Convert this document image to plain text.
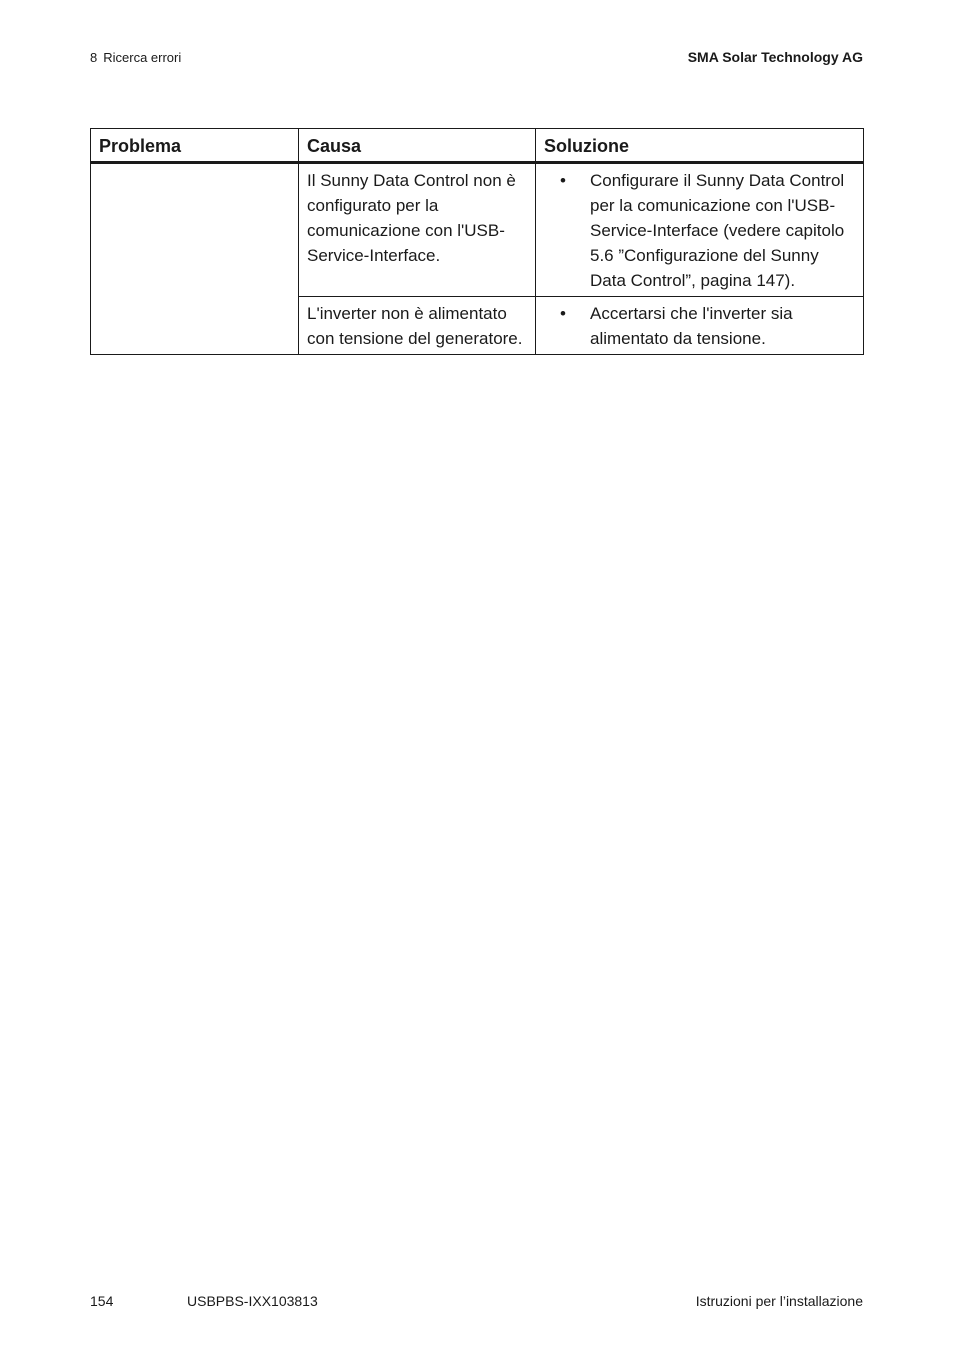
8 Ricerca errori	SMA Solar Technology AG
Problema	Causa	Soluzione
	Il Sunny Data Control non è configurato per la comunicazione con l'USB-Service-Interface.	• Configurare il Sunny Data Control per la comunicazione con l'USB-Service-Interface (vedere capitolo 5.6 ”Configurazione del Sunny Data Control”, pagina 147).

	L'inverter non è alimentato con tensione del generatore.	• Accertarsi che l'inverter sia alimentato da tensione.
154	USBPBS-IXX103813	Istruzioni per l’installazione
